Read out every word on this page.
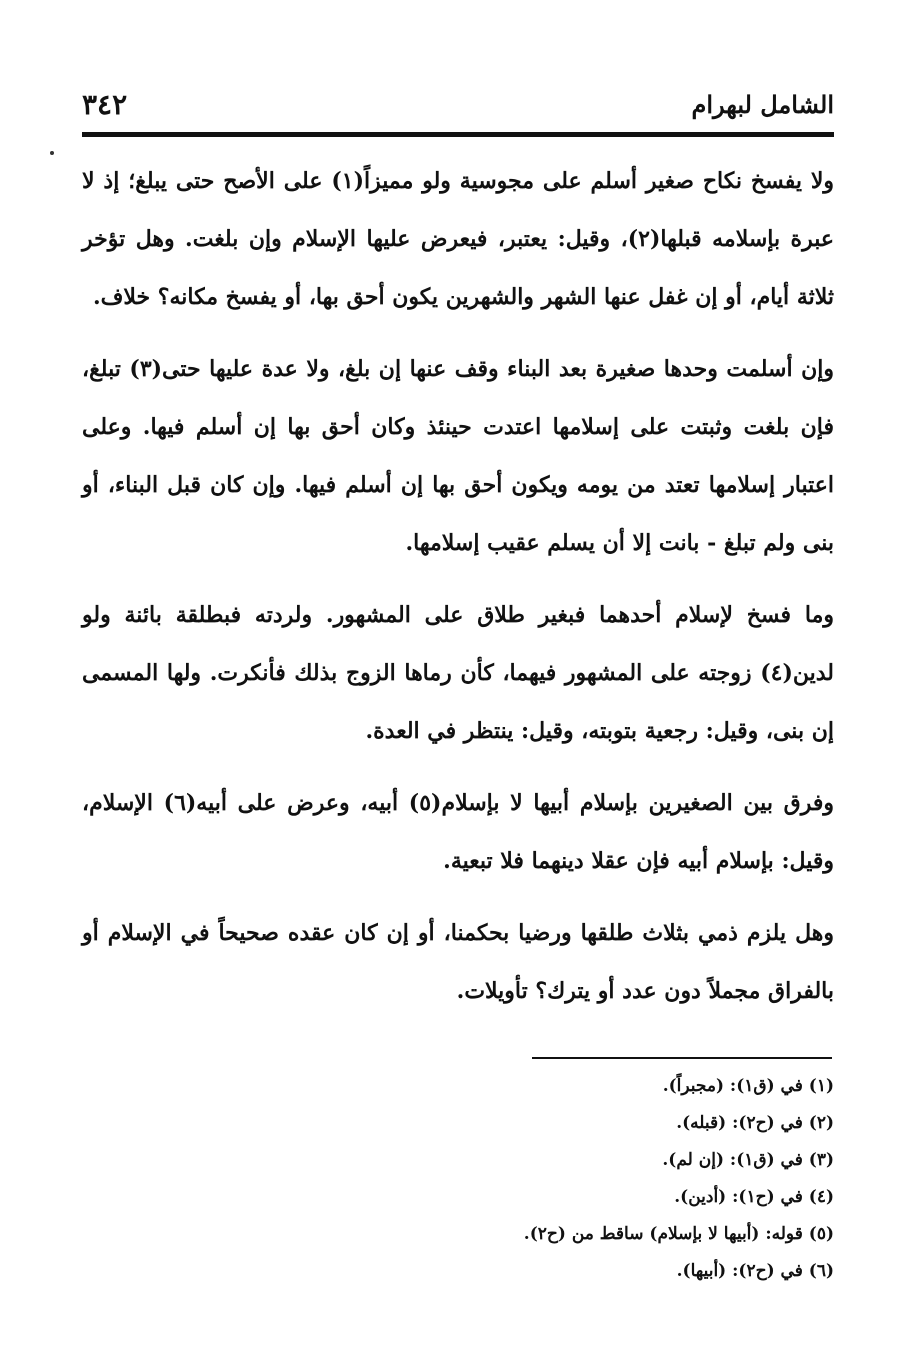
٣٤٢	الشامل لبهرام

ولا يفسخ نكاح صغير أسلم على مجوسية ولو مميزاً(١) على الأصح حتى يبلغ؛ إذ لا عبرة بإسلامه قبلها(٢)، وقيل: يعتبر، فيعرض عليها الإسلام وإن بلغت. وهل تؤخر ثلاثة أيام، أو إن غفل عنها الشهر والشهرين يكون أحق بها، أو يفسخ مكانه؟ خلاف.

وإن أسلمت وحدها صغيرة بعد البناء وقف عنها إن بلغ، ولا عدة عليها حتى(٣) تبلغ، فإن بلغت وثبتت على إسلامها اعتدت حينئذ وكان أحق بها إن أسلم فيها. وعلى اعتبار إسلامها تعتد من يومه ويكون أحق بها إن أسلم فيها. وإن كان قبل البناء، أو بنى ولم تبلغ - بانت إلا أن يسلم عقيب إسلامها.

وما فسخ لإسلام أحدهما فبغير طلاق على المشهور. ولردته فبطلقة بائنة ولو لدين(٤) زوجته على المشهور فيهما، كأن رماها الزوج بذلك فأنكرت. ولها المسمى إن بنى، وقيل: رجعية بتوبته، وقيل: ينتظر في العدة.

وفرق بين الصغيرين بإسلام أبيها لا بإسلام(٥) أبيه، وعرض على أبيه(٦) الإسلام، وقيل: بإسلام أبيه فإن عقلا دينهما فلا تبعية.

وهل يلزم ذمي بثلاث طلقها ورضيا بحكمنا، أو إن كان عقده صحيحاً في الإسلام أو بالفراق مجملاً دون عدد أو يترك؟ تأويلات.

(١) في (ق١): (مجبراً).
(٢) في (ح٢): (قبله).
(٣) في (ق١): (إن لم).
(٤) في (ح١): (أدين).
(٥) قوله: (أبيها لا بإسلام) ساقط من (ح٢).
(٦) في (ح٢): (أبيها).
